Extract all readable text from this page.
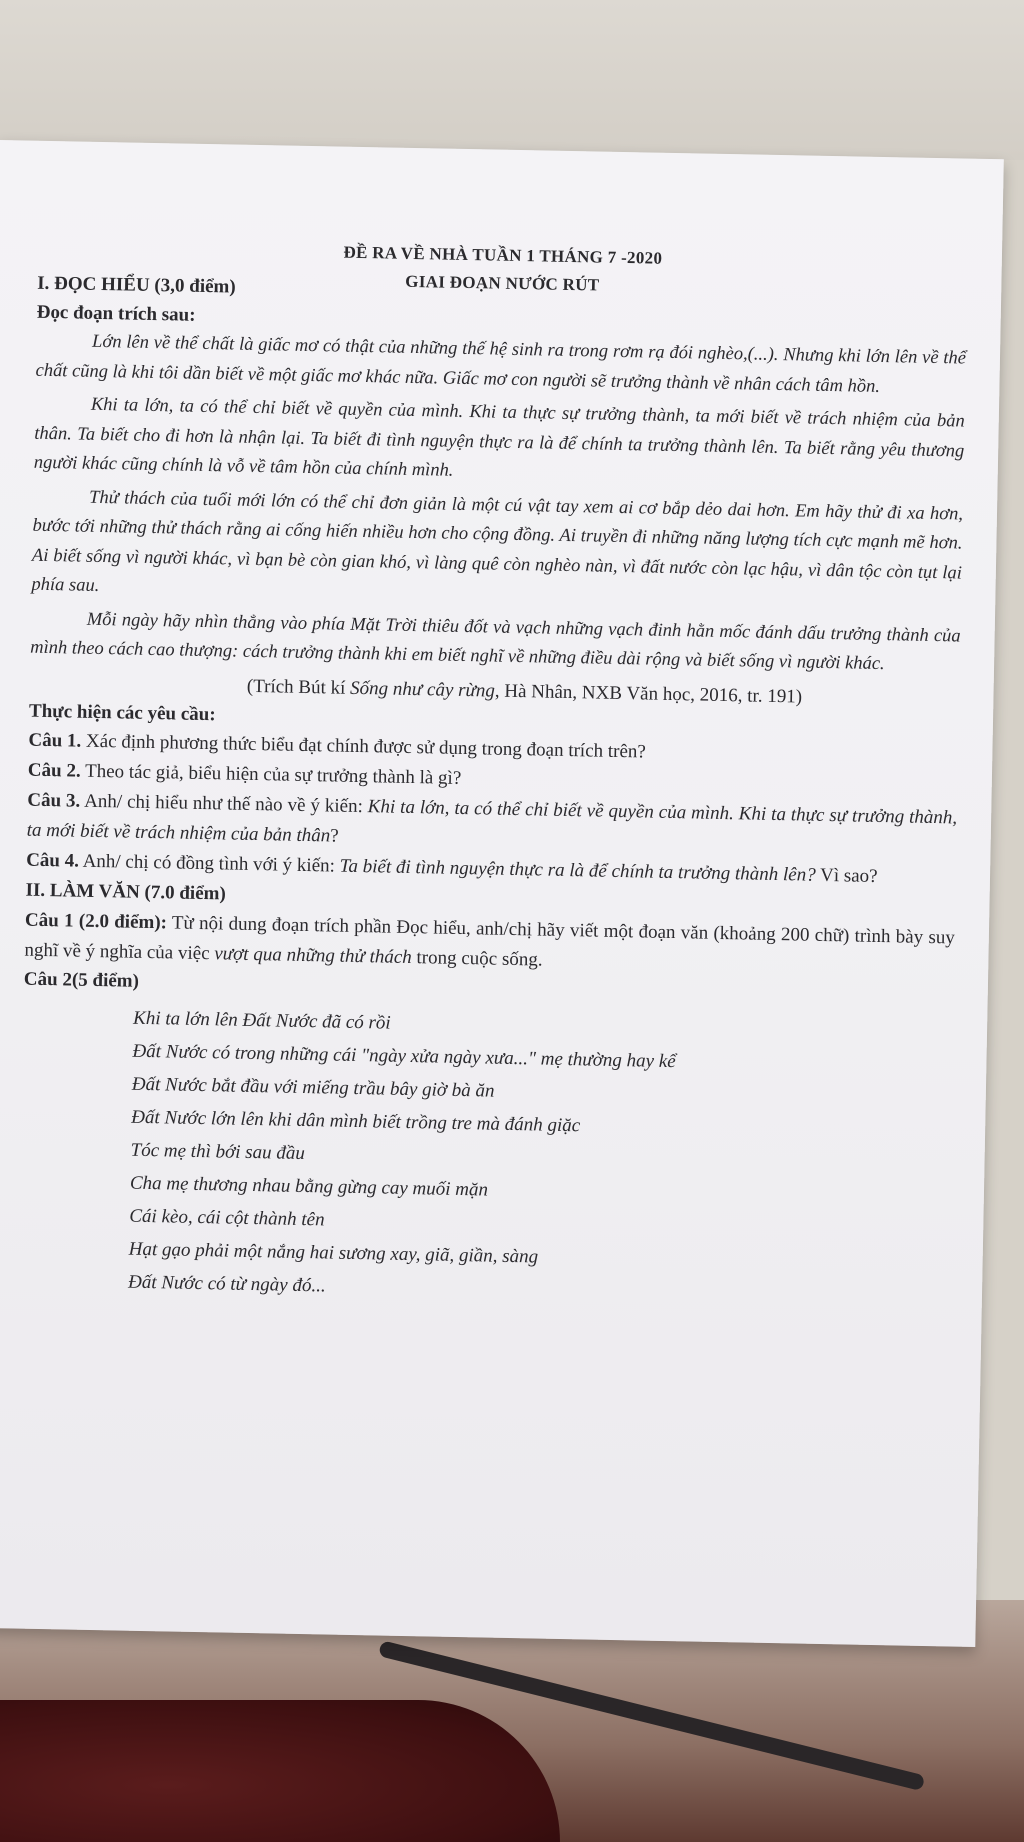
ĐỀ RA VỀ NHÀ TUẦN 1 THÁNG 7 -2020

GIAI ĐOẠN NƯỚC RÚT

I. ĐỌC HIỂU (3,0 điểm)

Đọc đoạn trích sau:

Lớn lên về thể chất là giấc mơ có thật của những thế hệ sinh ra trong rơm rạ đói nghèo,(...). Nhưng khi lớn lên về thể chất cũng là khi tôi dần biết về một giấc mơ khác nữa. Giấc mơ con người sẽ trưởng thành về nhân cách tâm hồn.

Khi ta lớn, ta có thể chỉ biết về quyền của mình. Khi ta thực sự trưởng thành, ta mới biết về trách nhiệm của bản thân. Ta biết cho đi hơn là nhận lại. Ta biết đi tình nguyện thực ra là để chính ta trưởng thành lên. Ta biết rằng yêu thương người khác cũng chính là vỗ về tâm hồn của chính mình.

Thử thách của tuổi mới lớn có thể chỉ đơn giản là một cú vật tay xem ai cơ bắp dẻo dai hơn. Em hãy thử đi xa hơn, bước tới những thử thách rằng ai cống hiến nhiều hơn cho cộng đồng. Ai truyền đi những năng lượng tích cực mạnh mẽ hơn. Ai biết sống vì người khác, vì bạn bè còn gian khó, vì làng quê còn nghèo nàn, vì đất nước còn lạc hậu, vì dân tộc còn tụt lại phía sau.

Mỗi ngày hãy nhìn thẳng vào phía Mặt Trời thiêu đốt và vạch những vạch đinh hằn mốc đánh dấu trưởng thành của mình theo cách cao thượng: cách trưởng thành khi em biết nghĩ về những điều dài rộng và biết sống vì người khác.

(Trích Bút kí Sống như cây rừng, Hà Nhân, NXB Văn học, 2016, tr. 191)

Thực hiện các yêu cầu:

Câu 1. Xác định phương thức biểu đạt chính được sử dụng trong đoạn trích trên?

Câu 2. Theo tác giả, biểu hiện của sự trưởng thành là gì?

Câu 3. Anh/ chị hiểu như thế nào về ý kiến: Khi ta lớn, ta có thể chỉ biết về quyền của mình. Khi ta thực sự trưởng thành, ta mới biết về trách nhiệm của bản thân?

Câu 4. Anh/ chị có đồng tình với ý kiến: Ta biết đi tình nguyện thực ra là để chính ta trưởng thành lên? Vì sao?

II. LÀM VĂN (7.0 điểm)

Câu 1 (2.0 điểm): Từ nội dung đoạn trích phần Đọc hiểu, anh/chị hãy viết một đoạn văn (khoảng 200 chữ) trình bày suy nghĩ về ý nghĩa của việc vượt qua những thử thách trong cuộc sống.

Câu 2(5 điểm)

Khi ta lớn lên Đất Nước đã có rồi

Đất Nước có trong những cái "ngày xửa ngày xưa..." mẹ thường hay kể

Đất Nước bắt đầu với miếng trầu bây giờ bà ăn

Đất Nước lớn lên khi dân mình biết trồng tre mà đánh giặc

Tóc mẹ thì bới sau đầu

Cha mẹ thương nhau bằng gừng cay muối mặn

Cái kèo, cái cột thành tên

Hạt gạo phải một nắng hai sương xay, giã, giần, sàng

Đất Nước có từ ngày đó...
